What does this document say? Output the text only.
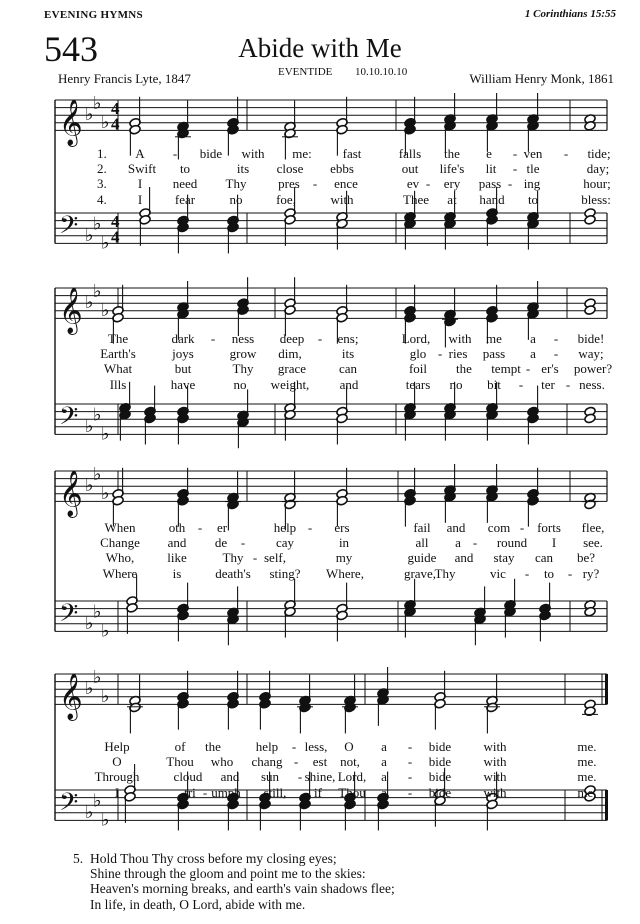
EVENING HYMNS	1 Corinthians 15:55
543	Abide with Me
Henry Francis Lyte, 1847	EVENTIDE 10.10.10.10	William Henry Monk, 1861
𝄞 ♭
♭
♭
4
4
𝄢 ♭
♭
♭
4
4
𝄞 ♭
♭
♭
𝄢 ♭
♭
♭
𝄞 ♭
♭
♭
𝄢 ♭
♭
♭
𝄞 ♭
♭
♭
𝄢 ♭
♭
♭
1.
2.
3.
4.
A - bide with me: fast	falls the e - ven - tide;
Swift to	its close ebbs	out life's lit - tle	day;
I need Thy pres - ence	ev - ery pass - ing	hour;
I	fear	no	foe,	with	Thee at hand to	bless:
The	dark - ness deep - ens;	Lord, with me a - bide!
Earth's	joys	grow dim,	its	glo - ries pass a - way;
What	but	Thy grace	can	foil the tempt - er's power?
Ills	have	no weight, and	tears no bit - ter - ness.
When	oth - er	help - ers	fail and com - forts flee,
Change and de - cay	in	all a - round I see.
Who,	like	Thy - self,	my	guide and stay can be?
Where	is	death's sting? Where,	grave,
Thy	vic - to - ry?
Help	of the	help - less, O a - bide with	me.
O	Thou who chang - est not, a - bide with	me.
Through	cloud and sun - shine, Lord, a - bide with	me.
I	tri - umph still, if Thou a - bide with	me.
5. Hold Thou Thy cross before my closing eyes;
Shine through the gloom and point me to the skies:
Heaven's morning breaks, and earth's vain shadows flee;
In life, in death, O Lord, abide with me.
